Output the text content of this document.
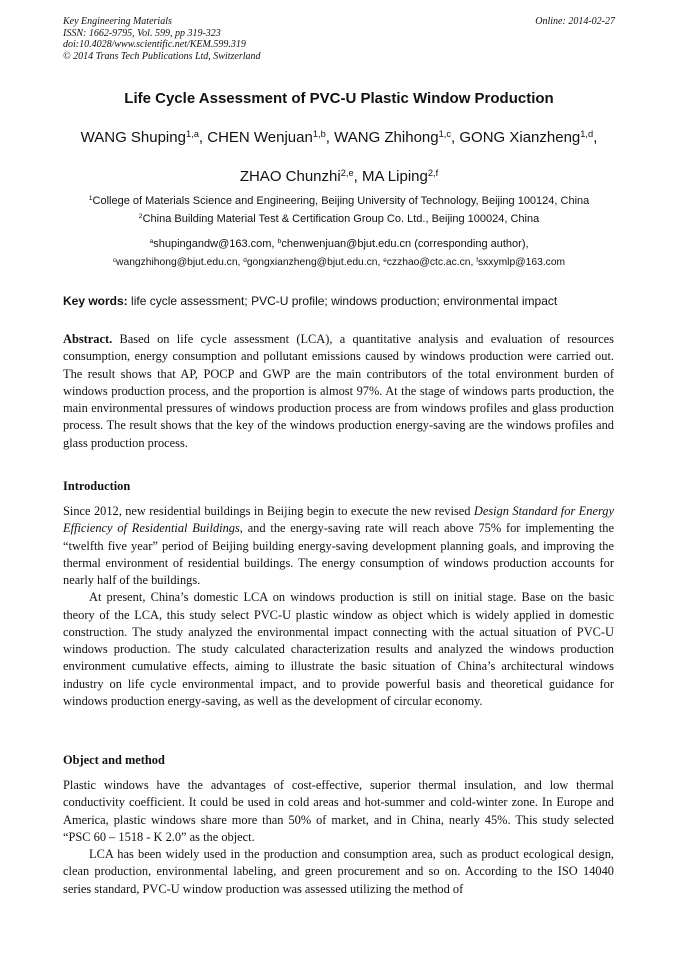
Key Engineering Materials
ISSN: 1662-9795, Vol. 599, pp 319-323
doi:10.4028/www.scientific.net/KEM.599.319
© 2014 Trans Tech Publications Ltd, Switzerland
Online: 2014-02-27
Life Cycle Assessment of PVC-U Plastic Window Production
WANG Shuping$^{1,a}$, CHEN Wenjuan$^{1,b}$, WANG Zhihong$^{1,c}$, GONG Xianzheng$^{1,d}$,
ZHAO Chunzhi$^{2,e}$, MA Liping$^{2,f}$
$^1$College of Materials Science and Engineering, Beijing University of Technology, Beijing 100124, China
$^2$China Building Material Test & Certification Group Co. Ltd., Beijing 100024, China
$^a$shupingandw@163.com, $^b$chenwenjuan@bjut.edu.cn (corresponding author),
$^c$wangzhihong@bjut.edu.cn, $^d$gongxianzheng@bjut.edu.cn, $^e$czzhao@ctc.ac.cn, $^f$sxxymlp@163.com
Key words: life cycle assessment; PVC-U profile; windows production; environmental impact

Abstract. Based on life cycle assessment (LCA), a quantitative analysis and evaluation of resources consumption, energy consumption and pollutant emissions caused by windows production were carried out. The result shows that AP, POCP and GWP are the main contributors of the total environment burden of windows production process, and the proportion is almost 97%. At the stage of windows parts production, the main environmental pressures of windows production process are from windows profiles and glass production process. The result shows that the key of the windows production energy-saving are the windows profiles and glass production process.

Introduction

Since 2012, new residential buildings in Beijing begin to execute the new revised Design Standard for Energy Efficiency of Residential Buildings, and the energy-saving rate will reach above 75% for implementing the “twelfth five year” period of Beijing building energy-saving development planning goals, and improving the thermal environment of residential buildings. The energy consumption of windows production accounts for nearly half of the buildings.

At present, China’s domestic LCA on windows production is still on initial stage. Base on the basic theory of the LCA, this study select PVC-U plastic window as object which is widely applied in domestic construction. The study analyzed the environmental impact connecting with the actual situation of PVC-U windows production. The study calculated characterization results and analyzed the windows production environment cumulative effects, aiming to illustrate the basic situation of China’s architectural windows industry on life cycle environmental impact, and to provide powerful basis and theoretical guidance for windows production energy-saving, as well as the development of circular economy.

Object and method

Plastic windows have the advantages of cost-effective, superior thermal insulation, and low thermal conductivity coefficient. It could be used in cold areas and hot-summer and cold-winter zone. In Europe and America, plastic windows share more than 50% of market, and in China, nearly 45%. This study selected “PSC 60 – 1518 - K 2.0” as the object.

LCA has been widely used in the production and consumption area, such as product ecological design, clean production, environmental labeling, and green procurement and so on. According to the ISO 14040 series standard, PVC-U window production was assessed utilizing the method of
